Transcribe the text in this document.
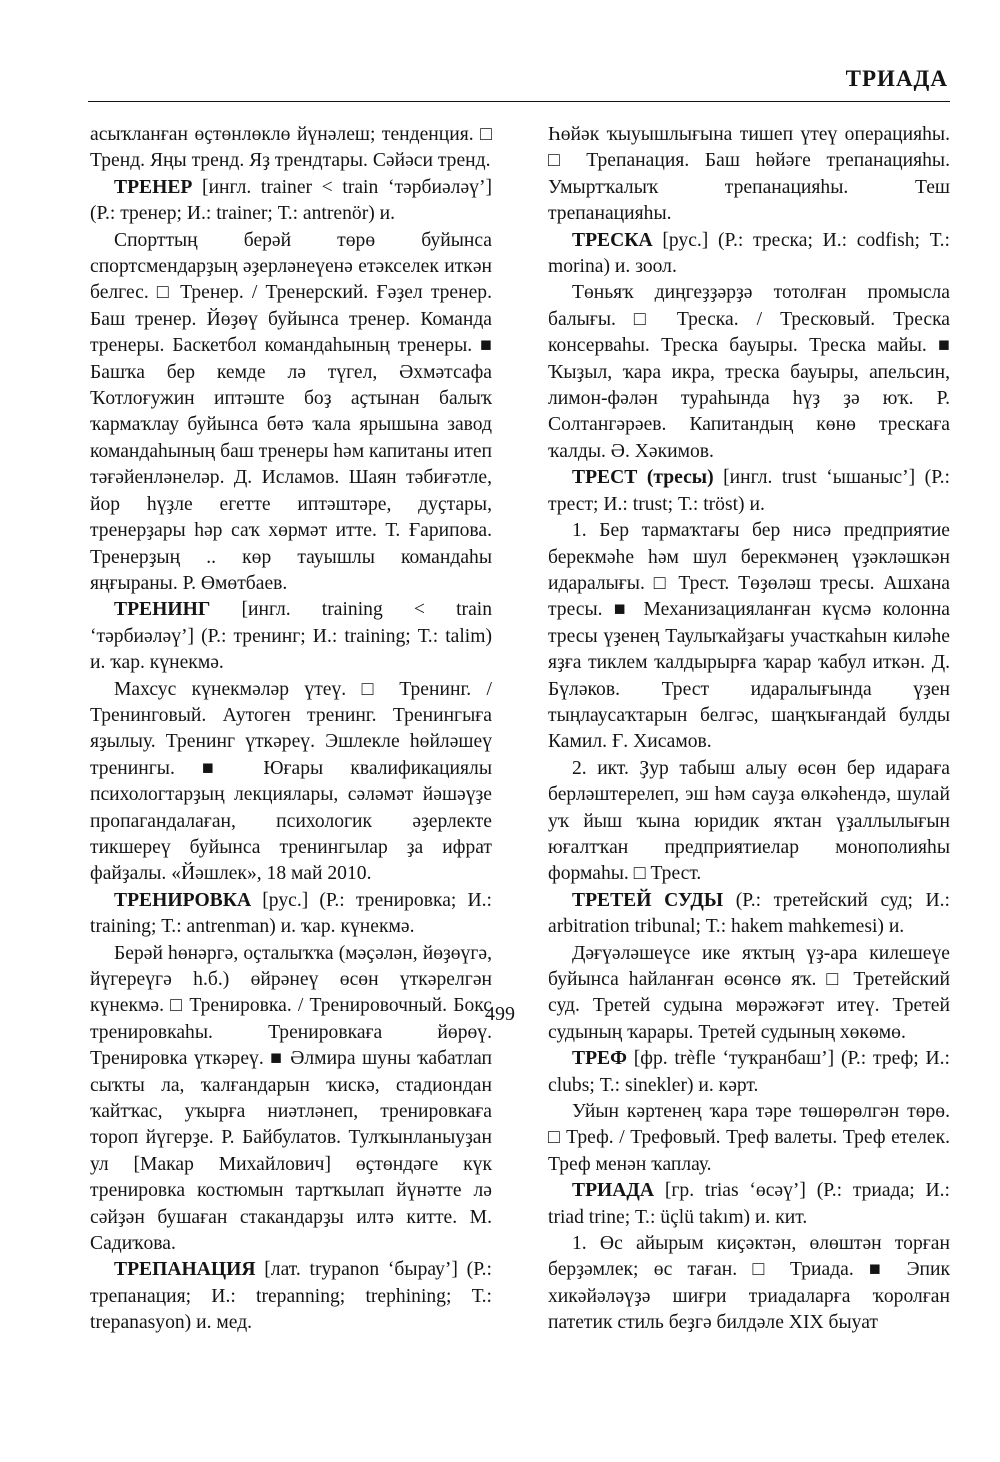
ТРИАДА

асыҡланған өҫтөнлөклө йүнәлеш; тенденция. □ Тренд. Яңы тренд. Яҙ трендтары. Сәйәси тренд.

ТРЕНЕР [ингл. trainer < train ‘тәрбиәләү’] (Р.: тренер; И.: trainer; Т.: antrenör) и.

Спорттың берәй төрө буйынса спортсмендарҙың әҙерләнеүенә етәкселек иткән белгес. □ Тренер. / Тренерский. Ғәҙел тренер. Баш тренер. Йөҙөү буйынса тренер. Команда тренеры. Баскетбол командаһының тренеры. ■ Башҡа бер кемде лә түгел, Әхмәтсафа Ҡотлоғужин иптәште боҙ аҫтынан балыҡ ҡармаҡлау буйынса бөтә ҡала ярышына завод командаһының баш тренеры һәм капитаны итеп тәғәйенләнеләр. Д. Исламов. Шаян тәбиғәтле, йор һүҙле егетте иптәштәре, дуҫтары, тренерҙары һәр саҡ хөрмәт итте. Т. Ғарипова. Тренерҙың .. көр тауышлы командаһы яңғыраны. Р. Өмөтбаев.

ТРЕНИНГ [ингл. training < train ‘тәрбиәләү’] (Р.: тренинг; И.: training; Т.: talim) и. ҡар. күнекмә.

Махсус күнекмәләр үтеү. □ Тренинг. / Тренинговый. Аутоген тренинг. Тренингыға яҙылыу. Тренинг үткәреү. Эшлекле һөйләшеү тренингы. ■ Юғары квалификациялы психологтарҙың лекциялары, сәләмәт йәшәүҙе пропагандалаған, психологик әҙерлекте тикшереү буйынса тренингылар ҙа ифрат файҙалы. «Йәшлек», 18 май 2010.

ТРЕНИРОВКА [рус.] (Р.: тренировка; И.: training; Т.: antrenman) и. ҡар. күнекмә.

Берәй һөнәргә, оҫталыҡҡа (мәҫәлән, йөҙөүгә, йүгереүгә һ.б.) өйрәнеү өсөн үткәрелгән күнекмә. □ Тренировка. / Тренировочный. Бокс тренировкаһы. Тренировкаға йөрөү. Тренировка үткәреү. ■ Әлмира шуны ҡабатлап сыҡты ла, ҡалғандарын ҡискә, стадиондан ҡайтҡас, уҡырға ниәтләнеп, тренировкаға тороп йүгерҙе. Р. Байбулатов. Тулҡынланыуҙан ул [Макар Михайлович] өҫтөндәге күк тренировка костюмын тартҡылап йүнәтте лә сәйҙән бушаған стакандарҙы илтә китте. М. Садиҡова.

ТРЕПАНАЦИЯ [лат. trypanon ‘бырау’] (Р.: трепанация; И.: trepanning; trephining; Т.: trepanasyon) и. мед.

Һөйәк ҡыуышлығына тишеп үтеү операцияһы. □ Трепанация. Баш һөйәге трепанацияһы. Умыртҡалыҡ трепанацияһы. Теш трепанацияһы.

ТРЕСКА [рус.] (Р.: треска; И.: codfish; Т.: morina) и. зоол.

Төньяҡ диңгеҙҙәрҙә тотолған промысла балығы. □ Треска. / Тресковый. Треска консерваһы. Треска бауыры. Треска майы. ■ Ҡыҙыл, ҡара икра, треска бауыры, апельсин, лимон-фәлән тураһында һүҙ ҙә юҡ. Р. Солтангәрәев. Капитандың көнө трескаға ҡалды. Ә. Хәкимов.

ТРЕСТ (тресы) [ингл. trust ‘ышаныс’] (Р.: трест; И.: trust; Т.: tröst) и.

1. Бер тармаҡтағы бер нисә предприятие берекмәһе һәм шул берекмәнең үҙәкләшкән идаралығы. □ Трест. Төҙөләш тресы. Ашхана тресы. ■ Механизацияланған күсмә колонна тресы үҙенең Таулыҡайҙағы участкаһын киләһе яҙға тиклем ҡалдырырға ҡарар ҡабул иткән. Д. Бүләков. Трест идаралығында үҙен тыңлаусаҡтарын белгәс, шаңҡығандай булды Камил. Ғ. Хисамов.

2. икт. Ҙур табыш алыу өсөн бер идараға берләштерелеп, эш һәм сауҙа өлкәһендә, шулай уҡ йыш ҡына юридик яҡтан үҙаллылығын юғалтҡан предприятиелар монополияһы формаһы. □ Трест.

ТРЕТЕЙ СУДЫ (Р.: третейский суд; И.: arbitration tribunal; Т.: hakem mahkemesi) и.

Дәғүәләшеүсе ике яҡтың үҙ-ара килешеүе буйынса һайланған өсөнсө яҡ. □ Третейский суд. Третей судына мөрәжәғәт итеү. Третей судының ҡарары. Третей судының хөкөмө.

ТРЕФ [фр. trèfle ‘туҡранбаш’] (Р.: треф; И.: clubs; Т.: sinekler) и. кәрт.

Уйын кәртенең ҡара тәре төшөрөлгән төрө. □ Треф. / Трефовый. Треф валеты. Треф етелек. Треф менән ҡаплау.

ТРИАДА [гр. trias ‘өсәү’] (Р.: триада; И.: triad trine; Т.: üçlü takım) и. кит.

1. Өс айырым киҫәктән, өлөштән торған берҙәмлек; өс таған. □ Триада. ■ Эпик хикәйәләүҙә шиғри триадаларға ҡоролған патетик стиль беҙгә билдәле XIX быуат

499
